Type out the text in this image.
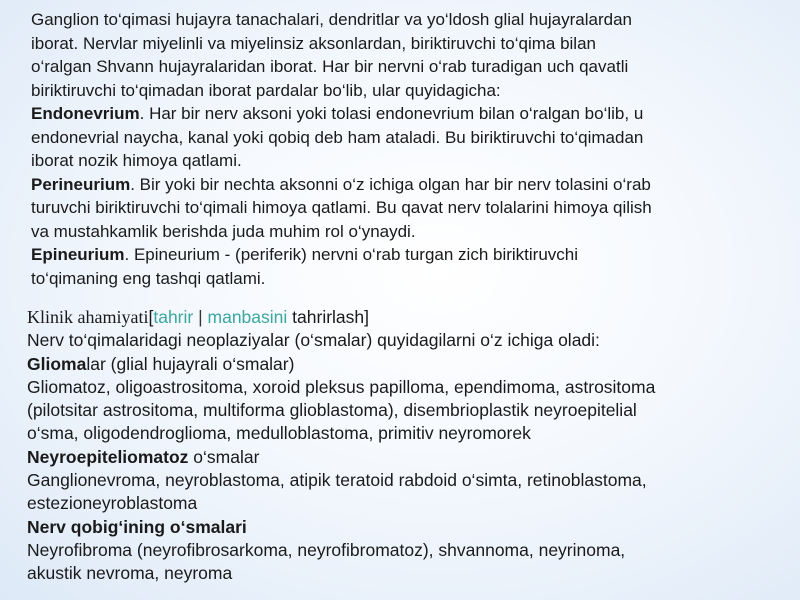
Ganglion to‘qimasi hujayra tanachalari, dendritlar va yo‘ldosh glial hujayralardan
iborat. Nervlar miyelinli va miyelinsiz aksonlardan, biriktiruvchi to‘qima bilan
o‘ralgan Shvann hujayralaridan iborat. Har bir nervni o‘rab turadigan uch qavatli
biriktiruvchi to‘qimadan iborat pardalar bo‘lib, ular quyidagicha:
Endonevrium. Har bir nerv aksoni yoki tolasi endonevrium bilan o‘ralgan bo‘lib, u
endonevrial naycha, kanal yoki qobiq deb ham ataladi. Bu biriktiruvchi to‘qimadan
iborat nozik himoya qatlami.
Perineurium. Bir yoki bir nechta aksonni o‘z ichiga olgan har bir nerv tolasini o‘rab
turuvchi biriktiruvchi to‘qimali himoya qatlami. Bu qavat nerv tolalarini himoya qilish
va mustahkamlik berishda juda muhim rol o‘ynaydi.
Epineurium. Epineurium - (periferik) nervni o‘rab turgan zich biriktiruvchi
to‘qimaning eng tashqi qatlami.
Klinik ahamiyati[tahrir | manbasini tahrirlash]
Nerv to‘qimalaridagi neoplaziyalar (o‘smalar) quyidagilarni o‘z ichiga oladi:
Gliomalar (glial hujayrali o‘smalar)
Gliomatoz, oligoastrositoma, xoroid pleksus papilloma, ependimoma, astrositoma
(pilotsitar astrositoma, multiforma glioblastoma), disembrioplastik neyroepitelial
o‘sma, oligodendroglioma, medulloblastoma, primitiv neyromorek
Neyroepiteliomatoz o‘smalar
Ganglionevroma, neyroblastoma, atipik teratoid rabdoid o‘simta, retinoblastoma,
estezioneyroblastoma
Nerv qobig‘ining o‘smalari
Neyrofibroma (neyrofibrosarkoma, neyrofibromatoz), shvannoma, neyrinoma,
akustik nevroma, neyroma
